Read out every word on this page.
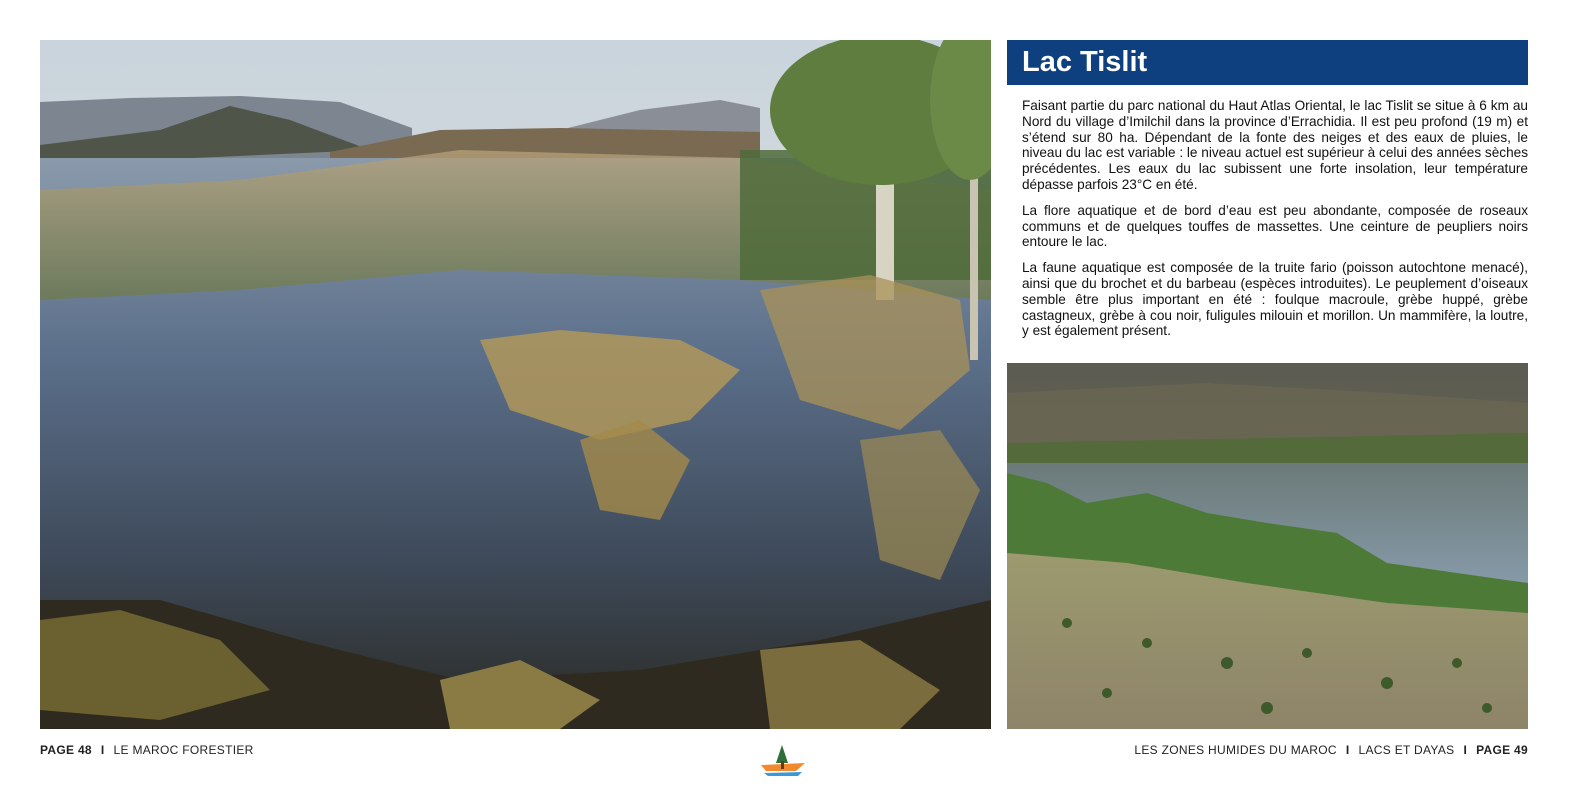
Lac Tislit

Faisant partie du parc national du Haut Atlas Oriental, le lac Tislit se situe à 6 km au Nord du village d’Imilchil dans la province d’Errachidia. Il est peu profond (19 m) et s’étend sur 80 ha. Dépendant de la fonte des neiges et des eaux de pluies, le niveau du lac est variable : le niveau actuel est supérieur à celui des années sèches précédentes. Les eaux du lac subissent une forte insolation, leur température dépasse parfois 23°C en été.

La flore aquatique et de bord d’eau est peu abondante, composée de roseaux communs et de quelques touffes de massettes. Une ceinture de peupliers noirs entoure le lac.

La faune aquatique est composée de la truite fario (poisson autochtone menacé), ainsi que du brochet et du barbeau (espèces introduites). Le peuplement d’oiseaux semble être plus important en été : foulque macroule, grèbe huppé, grèbe castagneux, grèbe à cou noir, fuligules milouin et morillon. Un mammifère, la loutre, y est également présent.

PAGE 48 I LE MAROC FORESTIER	LES ZONES HUMIDES DU MAROC I LACS ET DAYAS I PAGE 49
